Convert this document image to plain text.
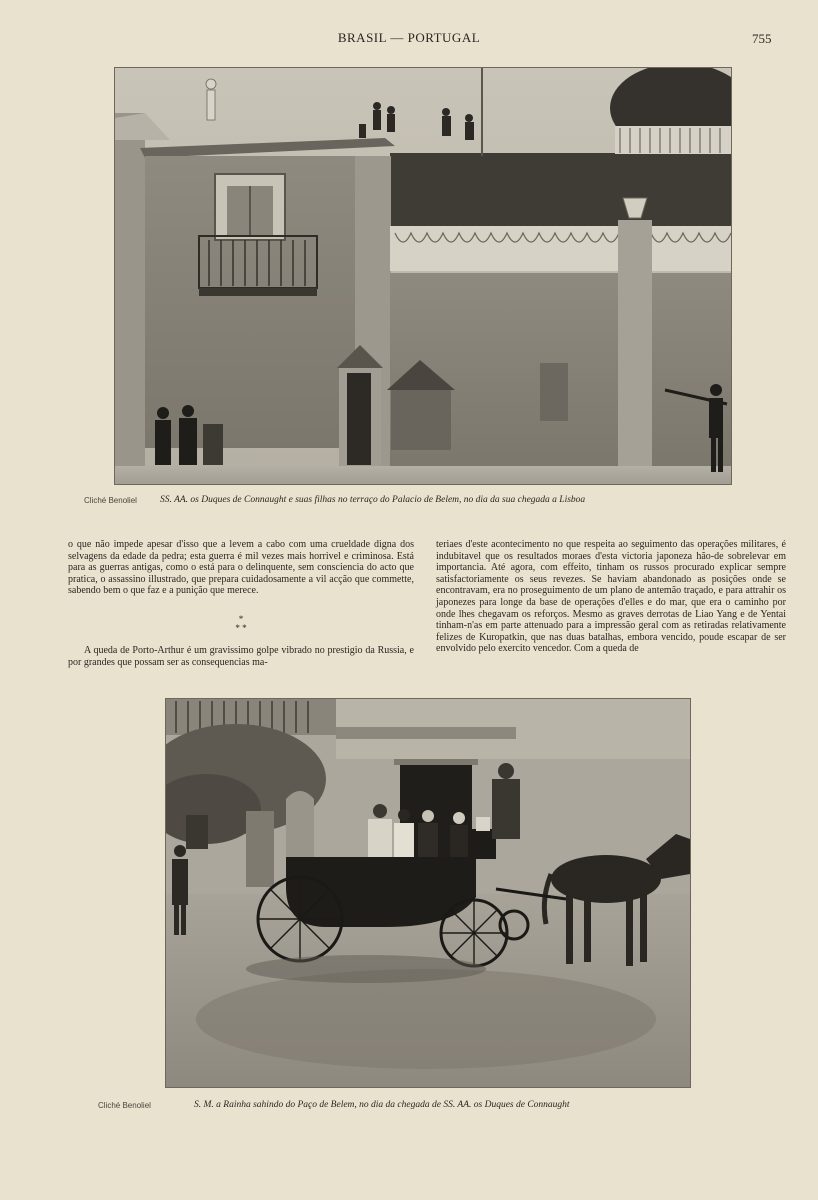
BRASIL — PORTUGAL	755
Cliché Benoliel SS. AA. os Duques de Connaught e suas filhas no terraço do Palacio de Belem, no dia da sua chegada a Lisboa

o que não impede apesar d'isso que a levem a cabo com uma crueldade digna dos selvagens da edade da pedra; esta guerra é mil vezes mais horrivel e criminosa. Está para as guerras antigas, como o está para o delinquente, sem consciencia do acto que pratica, o assassino illustrado, que prepara cuidadosamente a vil acção que commette, sabendo bem o que faz e a punição que merece.

A queda de Porto-Arthur é um gravissimo golpe vibrado no prestigio da Russia, e por grandes que possam ser as consequencias ma-

*
* *

teriaes d'este acontecimento no que respeita ao seguimento das operações militares, é indubitavel que os resultados moraes d'esta victoria japoneza hão-de sobrelevar em importancia. Até agora, com effeito, tinham os russos procurado explicar sempre satisfactoriamente os seus revezes. Se haviam abandonado as posições onde se encontravam, era no proseguimento de um plano de antemão traçado, e para attrahir os japonezes para longe da base de operações d'elles e do mar, que era o caminho por onde lhes chegavam os reforços. Mesmo as graves derrotas de Liao Yang e de Yentai tinham-n'as em parte attenuado para a impressão geral com as retiradas relativamente felizes de Kuropatkin, que nas duas batalhas, embora vencido, poude escapar de ser envolvido pelo exercito vencedor. Com a queda de

Cliché Benoliel	S. M. a Rainha sahindo do Paço de Belem, no dia da chegada de SS. AA. os Duques de Connaught
